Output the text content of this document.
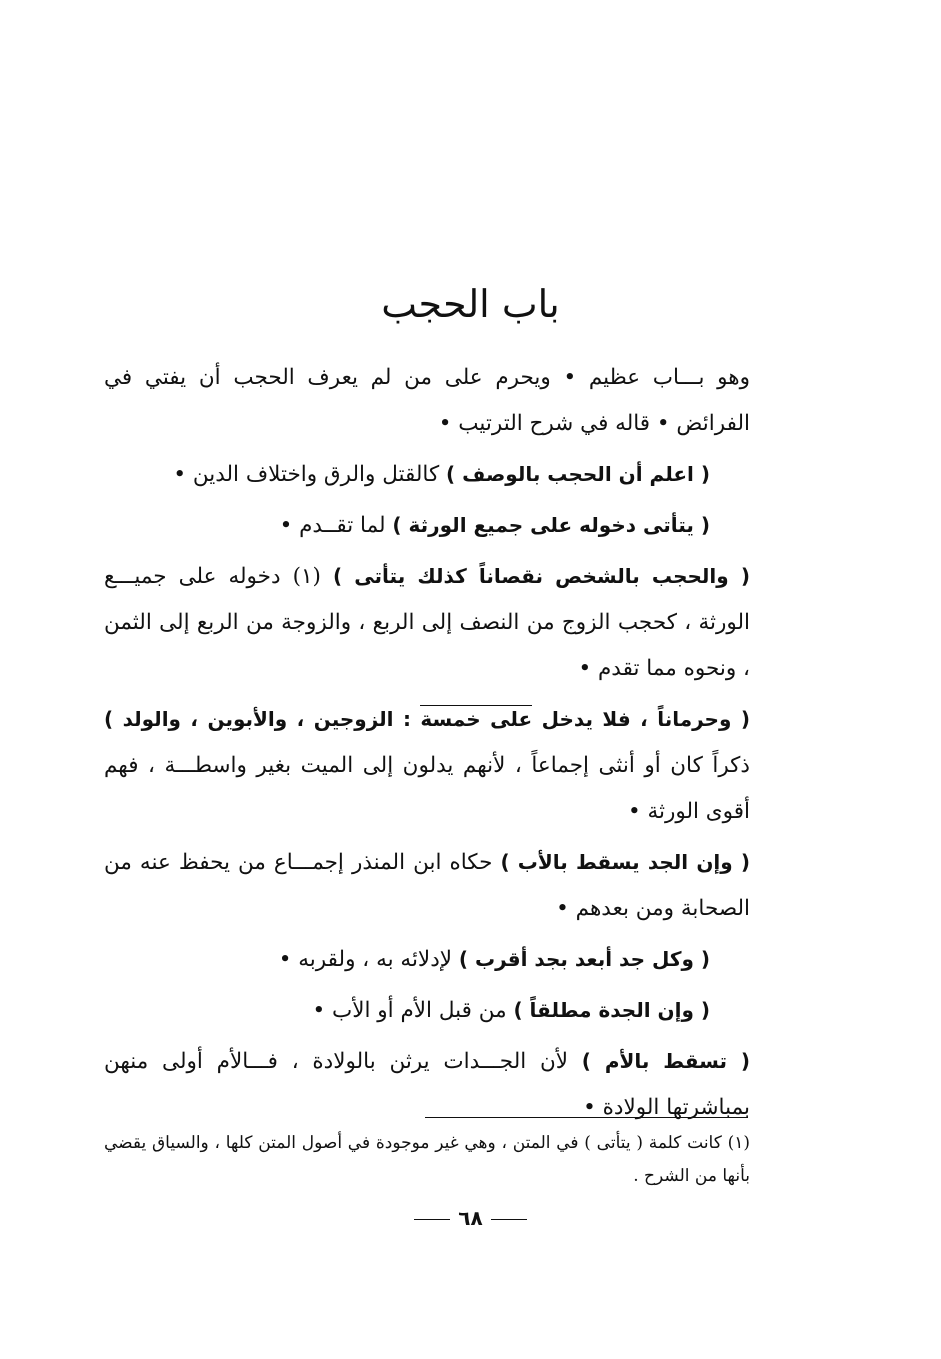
باب الحجب

وهو بـــاب عظيم • ويحرم على من لم يعرف الحجب أن يفتي في الفرائض • قاله في شرح الترتيب •

( اعلم أن الحجب بالوصف ) كالقتل والرق واختلاف الدين •

( يتأتى دخوله على جميع الورثة ) لما تقــدم •

( والحجب بالشخص نقصاناً كذلك يتأتى ) (١) دخوله على جميـــع الورثة ، كحجب الزوج من النصف إلى الربع ، والزوجة من الربع إلى الثمن ، ونحوه مما تقدم •

( وحرماناً ، فلا يدخل على خمسة : الزوجين ، والأبوين ، والولد ) ذكراً كان أو أنثى إجماعاً ، لأنهم يدلون إلى الميت بغير واسطـــة ، فهم أقوى الورثة •

( وإن الجد يسقط بالأب ) حكاه ابن المنذر إجمـــاع من يحفظ عنه من الصحابة ومن بعدهم •

( وكل جد أبعد بجد أقرب ) لإدلائه به ، ولقربه •

( وإن الجدة مطلقاً ) من قبل الأم أو الأب •

( تسقط بالأم ) لأن الجـــدات يرثن بالولادة ، فـــالأم أولى منهن بمباشرتها الولادة •

(١) كانت كلمة ( يتأتى ) في المتن ، وهي غير موجودة في أصول المتن كلها ، والسياق يقضي بأنها من الشرح .
٦٨
